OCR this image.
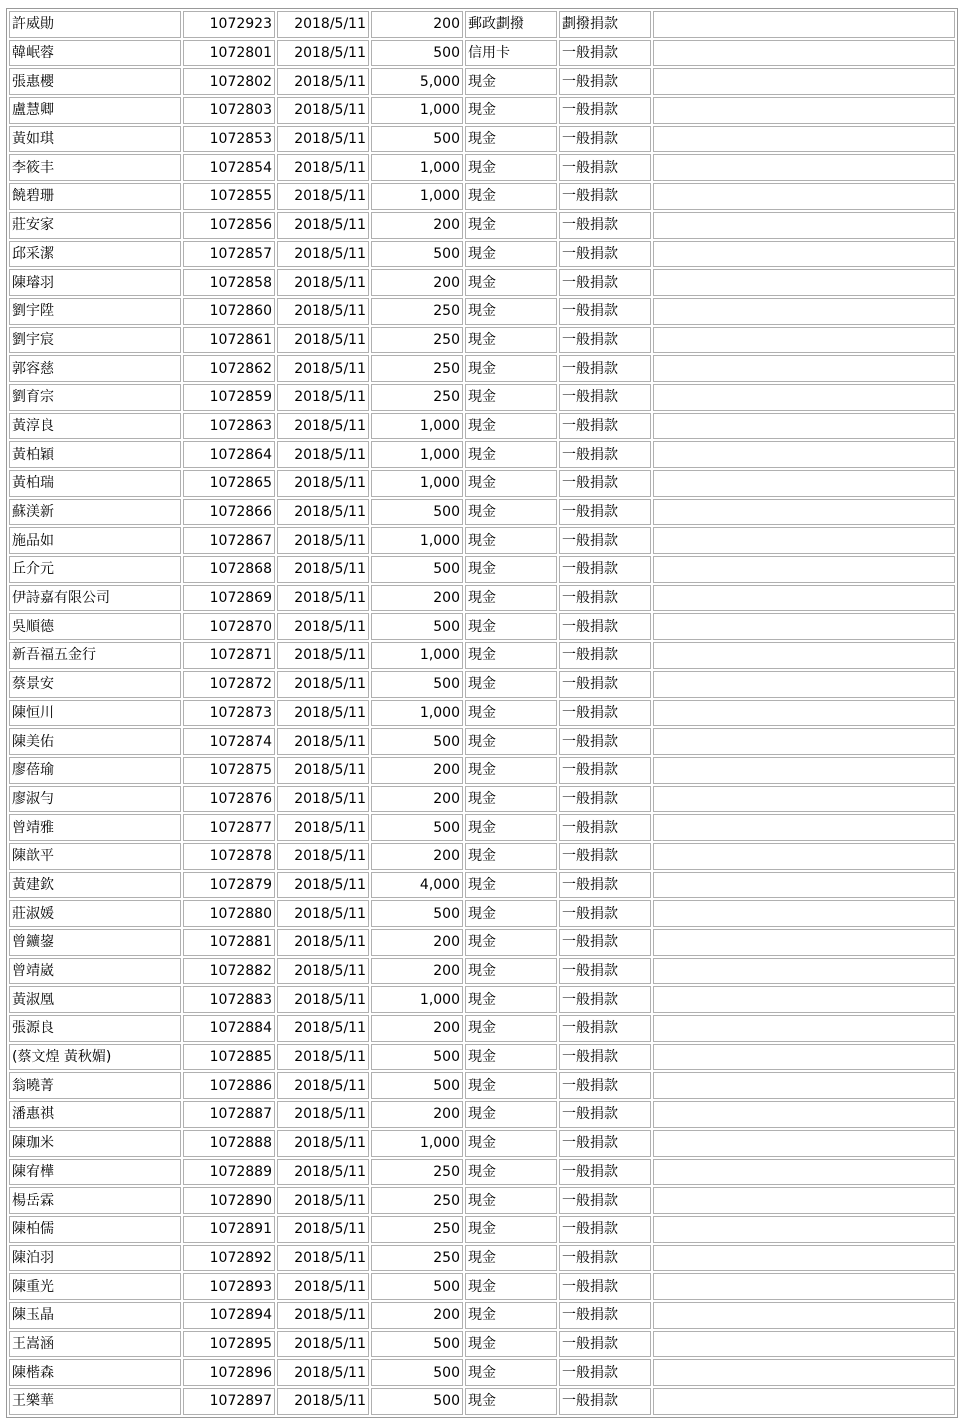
許威勛	1072923	2018/5/11	200	郵政劃撥	劃撥捐款	
韓岷蓉	1072801	2018/5/11	500	信用卡	一般捐款	
張惠櫻	1072802	2018/5/11	5,000	現金	一般捐款	
盧慧卿	1072803	2018/5/11	1,000	現金	一般捐款	
黃如琪	1072853	2018/5/11	500	現金	一般捐款	
李筱丰	1072854	2018/5/11	1,000	現金	一般捐款	
饒碧珊	1072855	2018/5/11	1,000	現金	一般捐款	
莊安家	1072856	2018/5/11	200	現金	一般捐款	
邱采潔	1072857	2018/5/11	500	現金	一般捐款	
陳璿羽	1072858	2018/5/11	200	現金	一般捐款	
劉宇陞	1072860	2018/5/11	250	現金	一般捐款	
劉宇宸	1072861	2018/5/11	250	現金	一般捐款	
郭容慈	1072862	2018/5/11	250	現金	一般捐款	
劉育宗	1072859	2018/5/11	250	現金	一般捐款	
黃淳良	1072863	2018/5/11	1,000	現金	一般捐款	
黃柏穎	1072864	2018/5/11	1,000	現金	一般捐款	
黃柏瑞	1072865	2018/5/11	1,000	現金	一般捐款	
蘇渼新	1072866	2018/5/11	500	現金	一般捐款	
施品如	1072867	2018/5/11	1,000	現金	一般捐款	
丘介元	1072868	2018/5/11	500	現金	一般捐款	
伊詩嘉有限公司	1072869	2018/5/11	200	現金	一般捐款	
吳順德	1072870	2018/5/11	500	現金	一般捐款	
新吾福五金行	1072871	2018/5/11	1,000	現金	一般捐款	
蔡景安	1072872	2018/5/11	500	現金	一般捐款	
陳恒川	1072873	2018/5/11	1,000	現金	一般捐款	
陳美佑	1072874	2018/5/11	500	現金	一般捐款	
廖蓓瑜	1072875	2018/5/11	200	現金	一般捐款	
廖淑勻	1072876	2018/5/11	200	現金	一般捐款	
曾靖雅	1072877	2018/5/11	500	現金	一般捐款	
陳歆平	1072878	2018/5/11	200	現金	一般捐款	
黃建欽	1072879	2018/5/11	4,000	現金	一般捐款	
莊淑媛	1072880	2018/5/11	500	現金	一般捐款	
曾鑛鋆	1072881	2018/5/11	200	現金	一般捐款	
曾靖崴	1072882	2018/5/11	200	現金	一般捐款	
黃淑凰	1072883	2018/5/11	1,000	現金	一般捐款	
張源良	1072884	2018/5/11	200	現金	一般捐款	
(蔡文煌 黃秋媚)	1072885	2018/5/11	500	現金	一般捐款	
翁曉菁	1072886	2018/5/11	500	現金	一般捐款	
潘惠祺	1072887	2018/5/11	200	現金	一般捐款	
陳珈米	1072888	2018/5/11	1,000	現金	一般捐款	
陳宥樺	1072889	2018/5/11	250	現金	一般捐款	
楊岳霖	1072890	2018/5/11	250	現金	一般捐款	
陳柏儒	1072891	2018/5/11	250	現金	一般捐款	
陳泊羽	1072892	2018/5/11	250	現金	一般捐款	
陳重光	1072893	2018/5/11	500	現金	一般捐款	
陳玉晶	1072894	2018/5/11	200	現金	一般捐款	
王嵩涵	1072895	2018/5/11	500	現金	一般捐款	
陳楷森	1072896	2018/5/11	500	現金	一般捐款	
王樂華	1072897	2018/5/11	500	現金	一般捐款	
